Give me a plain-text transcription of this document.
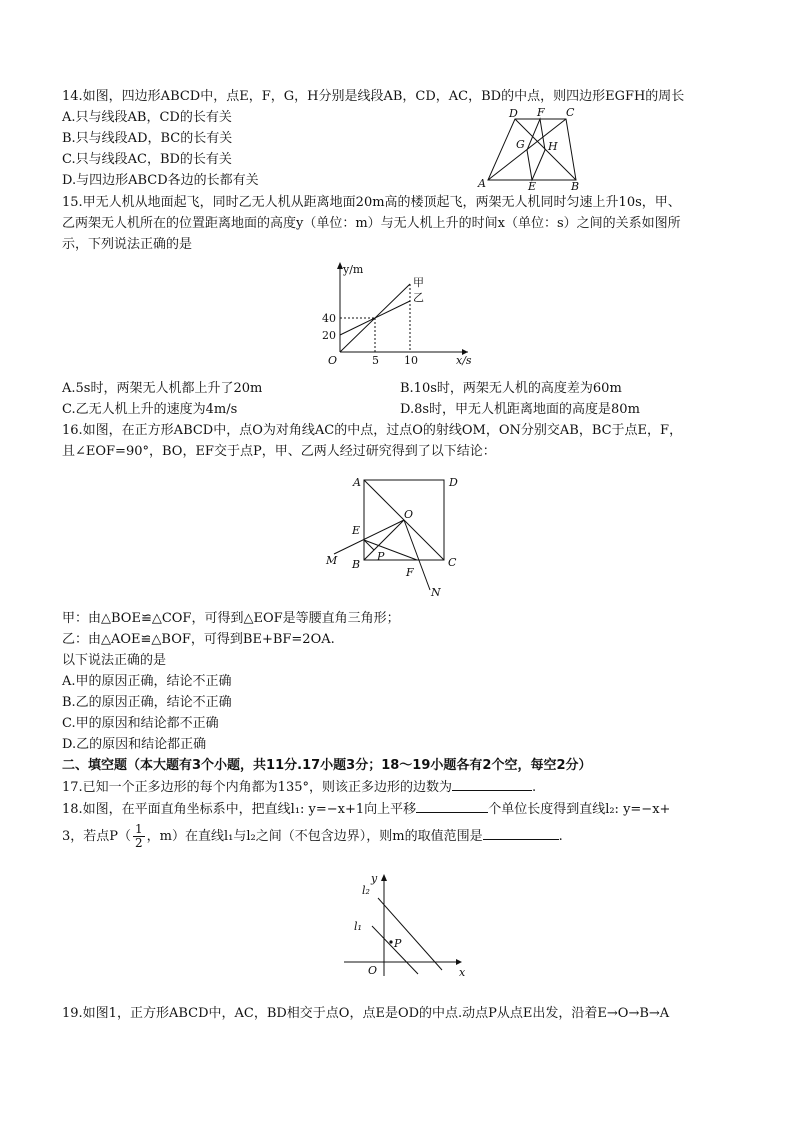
14.如图，四边形ABCD中，点E，F，G，H分别是线段AB，CD，AC，BD的中点，则四边形EGFH的周长
A.只与线段AB，CD的长有关
B.只与线段AD，BC的长有关
C.只与线段AC，BD的长有关
D.与四边形ABCD各边的长都有关
D F C
G H
A	E	B
15.甲无人机从地面起飞，同时乙无人机从距离地面20m高的楼顶起飞，两架无人机同时匀速上升10s，甲、
乙两架无人机所在的位置距离地面的高度y（单位：m）与无人机上升的时间x（单位：s）之间的关系如图所
示，下列说法正确的是
20
40
5 10
甲
乙
y/m
x/s
O
A.5s时，两架无人机都上升了20m	B.10s时，两架无人机的高度差为60m
C.乙无人机上升的速度为4m/s	D.8s时，甲无人机距离地面的高度是80m
16.如图，在正方形ABCD中，点O为对角线AC的中点，过点O的射线OM，ON分别交AB，BC于点E，F，
且∠EOF=90°，BO，EF交于点P，甲、乙两人经过研究得到了以下结论：
A	D
O
E
M B
P
F
C
N
甲：由△BOE≌△COF，可得到△EOF是等腰直角三角形；
乙：由△AOE≌△BOF，可得到BE+BF=2OA.
以下说法正确的是
A.甲的原因正确，结论不正确
B.乙的原因正确，结论不正确
C.甲的原因和结论都不正确
D.乙的原因和结论都正确
二、填空题（本大题有3个小题，共11分.17小题3分；18～19小题各有2个空，每空2分）
17.已知一个正多边形的每个内角都为135°，则该正多边形的边数为	.
18.如图，在平面直角坐标系中，把直线l₁: y=−x+1向上平移	个单位长度得到直线l₂: y=−x+
3，若点$P( \frac{1}{2}$ ，m）在直线l₁与l₂之间（不包含边界），则m的取值范围是	.
y
l₂
l₁
P
O	x
19.如图1，正方形ABCD中，AC，BD相交于点O，点E是OD的中点.动点P从点E出发，沿着E→O→B→A
